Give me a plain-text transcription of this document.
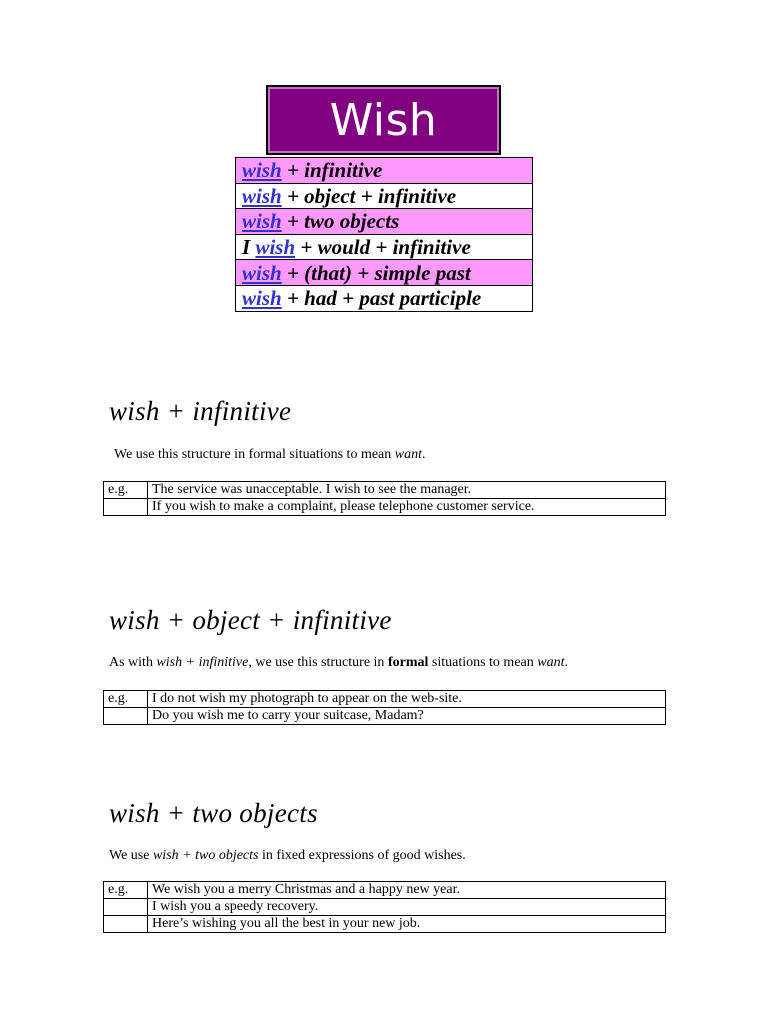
Wish
wish + infinitive
wish + object + infinitive
wish + two objects
I wish + would + infinitive
wish + (that) + simple past
wish + had + past participle
wish + infinitive

We use this structure in formal situations to mean want.

e.g.	The service was unacceptable. I wish to see the manager.
	If you wish to make a complaint, please telephone customer service.
wish + object + infinitive

As with wish + infinitive, we use this structure in formal situations to mean want.

e.g.	I do not wish my photograph to appear on the web-site.
	Do you wish me to carry your suitcase, Madam?
wish + two objects

We use wish + two objects in fixed expressions of good wishes.

e.g.	We wish you a merry Christmas and a happy new year.
	I wish you a speedy recovery.
	Here’s wishing you all the best in your new job.
